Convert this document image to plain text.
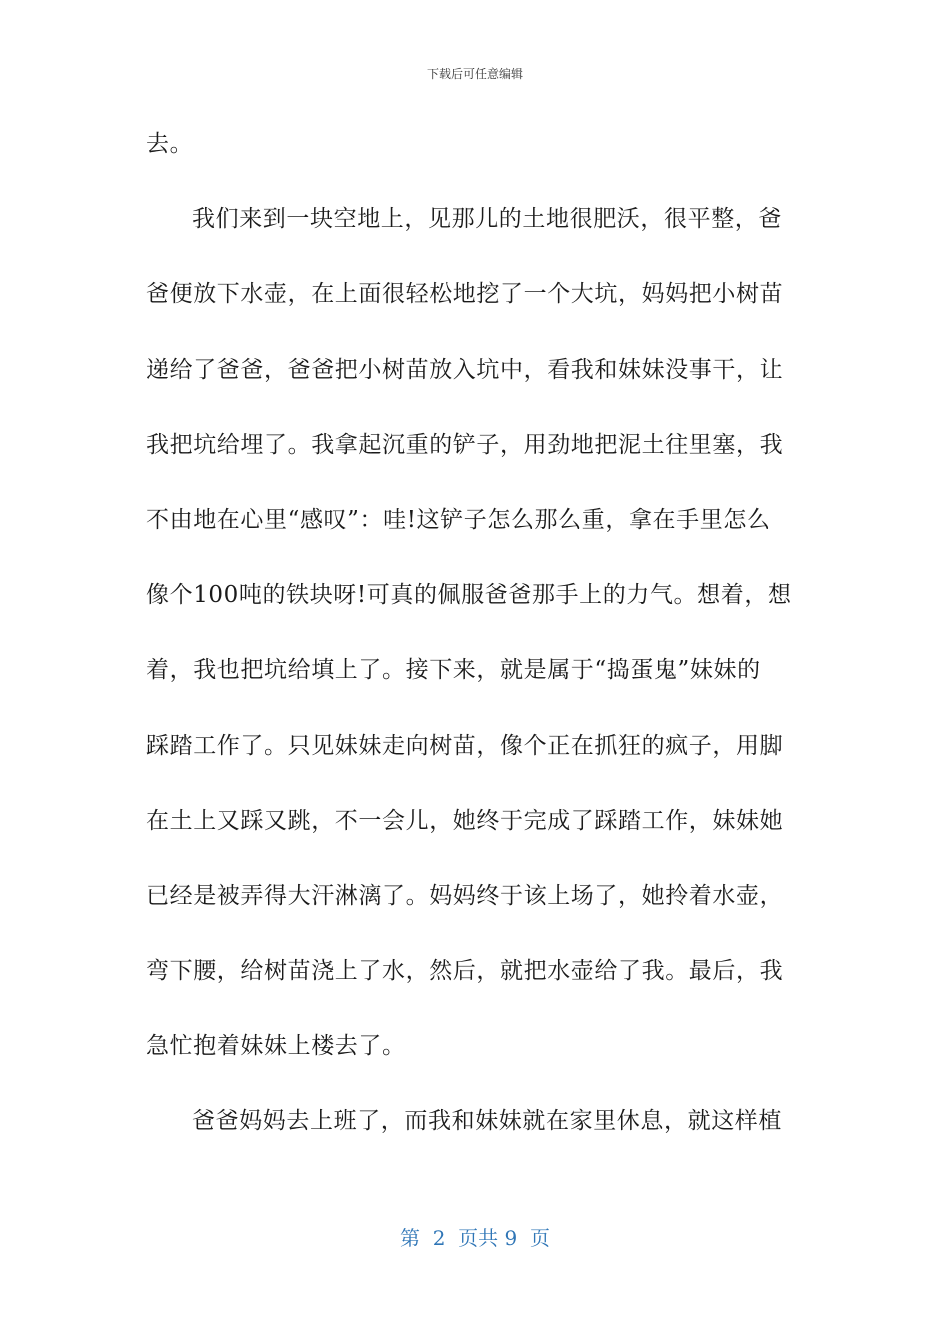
下载后可任意编辑
去。
我们来到一块空地上，见那儿的土地很肥沃，很平整，爸
爸便放下水壶，在上面很轻松地挖了一个大坑，妈妈把小树苗
递给了爸爸，爸爸把小树苗放入坑中，看我和妹妹没事干，让
我把坑给埋了。我拿起沉重的铲子，用劲地把泥土往里塞，我
不由地在心里“感叹”：哇!这铲子怎么那么重，拿在手里怎么
像个100吨的铁块呀!可真的佩服爸爸那手上的力气。想着，想
着，我也把坑给填上了。接下来，就是属于“捣蛋鬼”妹妹的
踩踏工作了。只见妹妹走向树苗，像个正在抓狂的疯子，用脚
在土上又踩又跳，不一会儿，她终于完成了踩踏工作，妹妹她
已经是被弄得大汗淋漓了。妈妈终于该上场了，她拎着水壶，
弯下腰，给树苗浇上了水，然后，就把水壶给了我。最后，我
急忙抱着妹妹上楼去了。
爸爸妈妈去上班了，而我和妹妹就在家里休息，就这样植
第  2  页共 9  页
